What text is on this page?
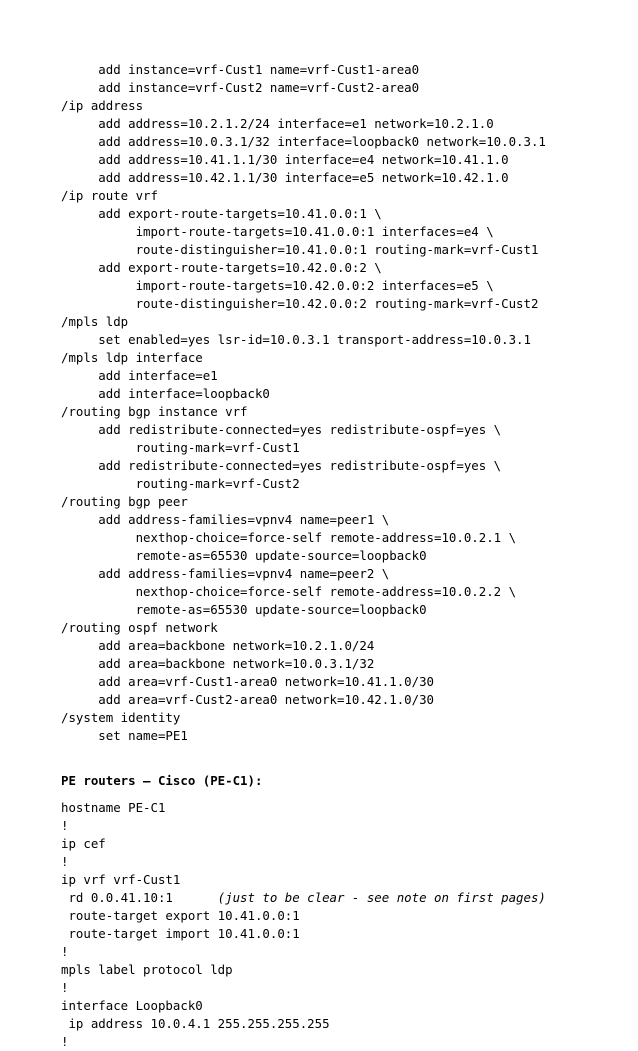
add instance=vrf-Cust1 name=vrf-Cust1-area0
add instance=vrf-Cust2 name=vrf-Cust2-area0
/ip address
add address=10.2.1.2/24 interface=e1 network=10.2.1.0
add address=10.0.3.1/32 interface=loopback0 network=10.0.3.1
add address=10.41.1.1/30 interface=e4 network=10.41.1.0
add address=10.42.1.1/30 interface=e5 network=10.42.1.0
/ip route vrf
add export-route-targets=10.41.0.0:1 \
import-route-targets=10.41.0.0:1 interfaces=e4 \
route-distinguisher=10.41.0.0:1 routing-mark=vrf-Cust1
add export-route-targets=10.42.0.0:2 \
import-route-targets=10.42.0.0:2 interfaces=e5 \
route-distinguisher=10.42.0.0:2 routing-mark=vrf-Cust2
/mpls ldp
set enabled=yes lsr-id=10.0.3.1 transport-address=10.0.3.1
/mpls ldp interface
add interface=e1
add interface=loopback0
/routing bgp instance vrf
add redistribute-connected=yes redistribute-ospf=yes \
routing-mark=vrf-Cust1
add redistribute-connected=yes redistribute-ospf=yes \
routing-mark=vrf-Cust2
/routing bgp peer
add address-families=vpnv4 name=peer1 \
nexthop-choice=force-self remote-address=10.0.2.1 \
remote-as=65530 update-source=loopback0
add address-families=vpnv4 name=peer2 \
nexthop-choice=force-self remote-address=10.0.2.2 \
remote-as=65530 update-source=loopback0
/routing ospf network
add area=backbone network=10.2.1.0/24
add area=backbone network=10.0.3.1/32
add area=vrf-Cust1-area0 network=10.41.1.0/30
add area=vrf-Cust2-area0 network=10.42.1.0/30
/system identity
set name=PE1
PE routers – Cisco (PE-C1):
hostname PE-C1
!
ip cef
!
ip vrf vrf-Cust1
rd 0.0.41.10:1      (just to be clear - see note on first pages)
route-target export 10.41.0.0:1
route-target import 10.41.0.0:1
!
mpls label protocol ldp
!
interface Loopback0
ip address 10.0.4.1 255.255.255.255
!
